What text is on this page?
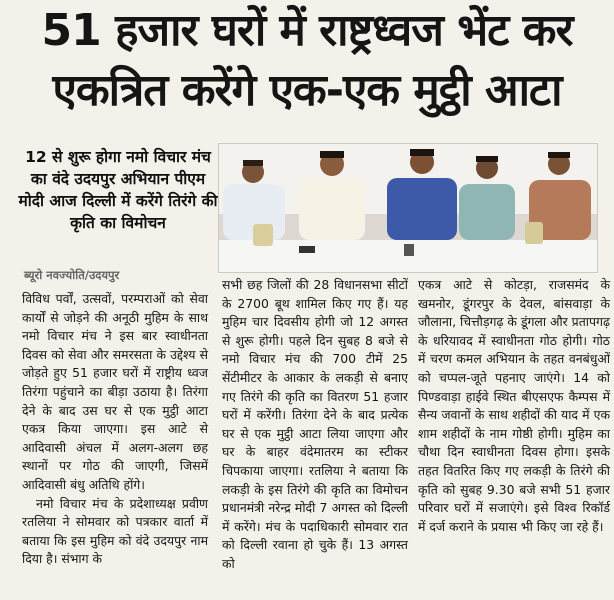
51 हजार घरों में राष्ट्रध्वज भेंट कर
एकत्रित करेंगे एक-एक मुट्ठी आटा
12 से शुरू होगा नमो विचार मंच का वंदे उदयपुर अभियान पीएम मोदी आज दिल्ली में करेंगे तिरंगे की कृति का विमोचन
ब्यूरो नवज्योति/उदयपुर

विविध पर्वों, उत्सवों, परम्पराओं को सेवा कार्यों से जोड़ने की अनूठी मुहिम के साथ नमो विचार मंच ने इस बार स्वाधीनता दिवस को सेवा और समरसता के उद्देश्य से जोड़ते हुए 51 हजार घरों में राष्ट्रीय ध्वज तिरंगा पहुंचाने का बीड़ा उठाया है। तिरंगा देने के बाद उस घर से एक मुट्ठी आटा एकत्र किया जाएगा। इस आटे से आदिवासी अंचल में अलग-अलग छह स्थानों पर गोठ की जाएगी, जिसमें आदिवासी बंधु अतिथि होंगे।

नमो विचार मंच के प्रदेशाध्यक्ष प्रवीण रतलिया ने सोमवार को पत्रकार वार्ता में बताया कि इस मुहिम को वंदे उदयपुर नाम दिया है। संभाग के

सभी छह जिलों की 28 विधानसभा सीटों के 2700 बूथ शामिल किए गए हैं। यह मुहिम चार दिवसीय होगी जो 12 अगस्त से शुरू होगी। पहले दिन सुबह 8 बजे से नमो विचार मंच की 700 टीमें 25 सेंटीमीटर के आकार के लकड़ी से बनाए गए तिरंगे की कृति का वितरण 51 हजार घरों में करेंगी। तिरंगा देने के बाद प्रत्येक घर से एक मुट्ठी आटा लिया जाएगा और घर के बाहर वंदेमातरम का स्टीकर चिपकाया जाएगा। रतलिया ने बताया कि लकड़ी के इस तिरंगे की कृति का विमोचन प्रधानमंत्री नरेन्द्र मोदी 7 अगस्त को दिल्ली में करेंगे। मंच के पदाधिकारी सोमवार रात को दिल्ली रवाना हो चुके हैं। 13 अगस्त को

एकत्र आटे से कोटड़ा, राजसमंद के खमनोर, डूंगरपुर के देवल, बांसवाड़ा के जौलाना, चित्तौड़गढ़ के डूंगला और प्रतापगढ़ के धरियावद में स्वाधीनता गोठ होगी। गोठ में चरण कमल अभियान के तहत वनबंधुओं को चप्पल-जूते पहनाए जाएंगे। 14 को पिण्डवाड़ा हाईवे स्थित बीएसएफ कैम्पस में सैन्य जवानों के साथ शहीदों की याद में एक शाम शहीदों के नाम गोष्ठी होगी। मुहिम का चौथा दिन स्वाधीनता दिवस होगा। इसके तहत वितरित किए गए लकड़ी के तिरंगे की कृति को सुबह 9.30 बजे सभी 51 हजार परिवार घरों में सजाएंगे। इसे विश्व रिकॉर्ड में दर्ज कराने के प्रयास भी किए जा रहे हैं।
